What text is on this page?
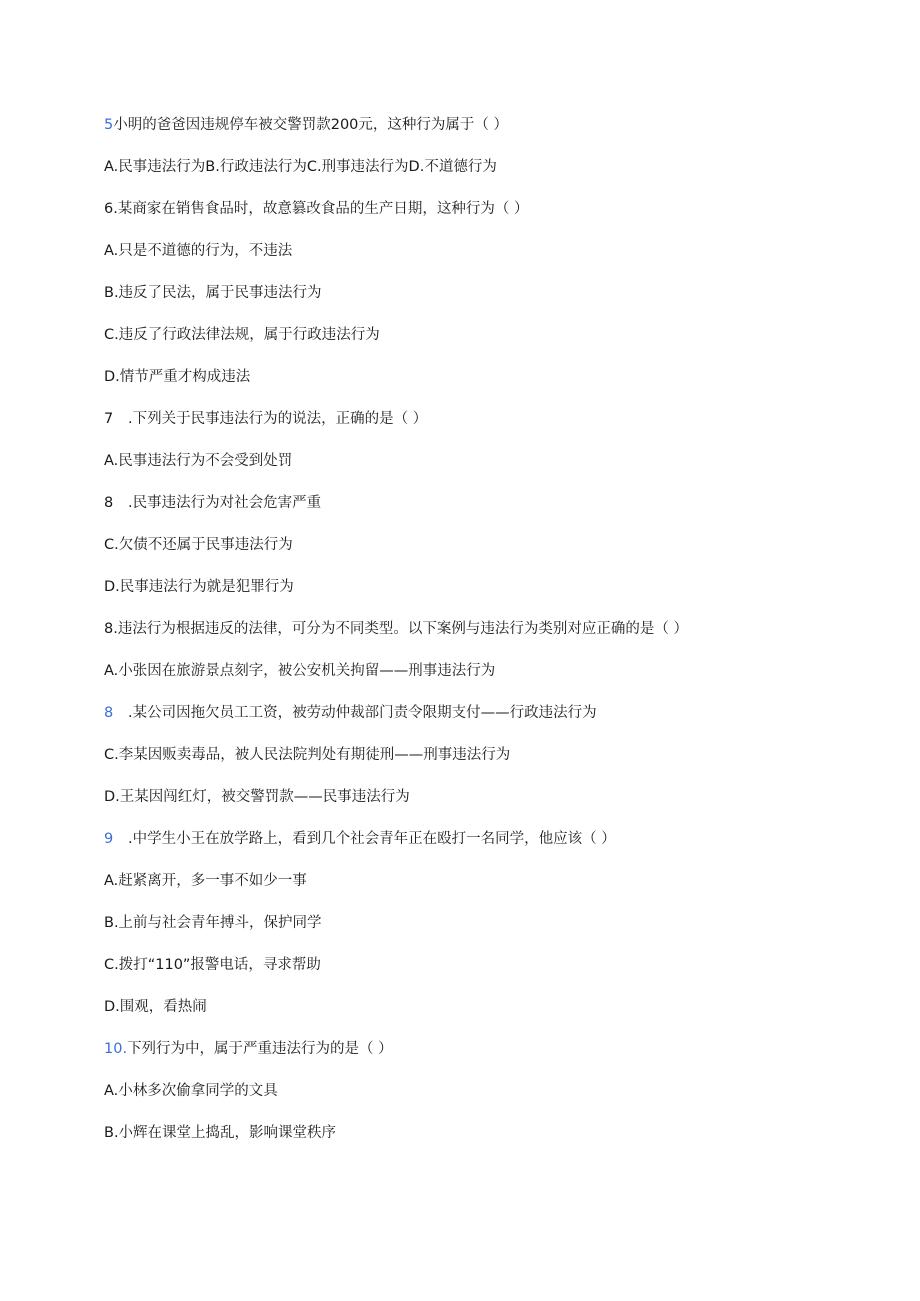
5小明的爸爸因违规停车被交警罚款200元，这种行为属于（ ）
A.民事违法行为B.行政违法行为C.刑事违法行为D.不道德行为
6.某商家在销售食品时，故意篡改食品的生产日期，这种行为（ ）
A.只是不道德的行为，不违法
B.违反了民法，属于民事违法行为
C.违反了行政法律法规，属于行政违法行为
D.情节严重才构成违法
7 .下列关于民事违法行为的说法，正确的是（ ）
A.民事违法行为不会受到处罚
8 .民事违法行为对社会危害严重
C.欠债不还属于民事违法行为
D.民事违法行为就是犯罪行为
8.违法行为根据违反的法律，可分为不同类型。以下案例与违法行为类别对应正确的是（ ）
A.小张因在旅游景点刻字，被公安机关拘留——刑事违法行为
8 .某公司因拖欠员工工资，被劳动仲裁部门责令限期支付——行政违法行为
C.李某因贩卖毒品，被人民法院判处有期徒刑——刑事违法行为
D.王某因闯红灯，被交警罚款——民事违法行为
9 .中学生小王在放学路上，看到几个社会青年正在殴打一名同学，他应该（ ）
A.赶紧离开，多一事不如少一事
B.上前与社会青年搏斗，保护同学
C.拨打“110”报警电话，寻求帮助
D.围观，看热闹
10.下列行为中，属于严重违法行为的是（ ）
A.小林多次偷拿同学的文具
B.小辉在课堂上捣乱，影响课堂秩序
